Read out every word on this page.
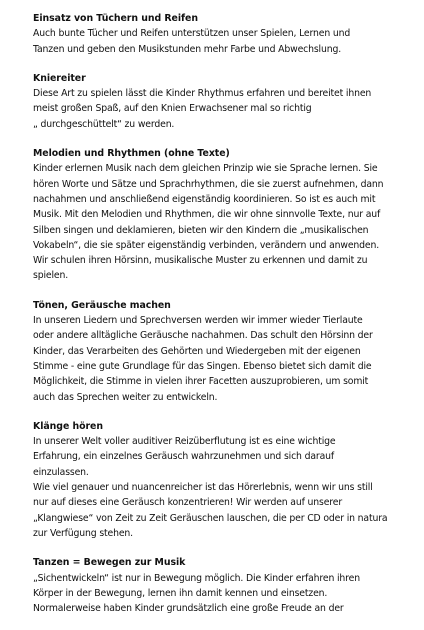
Einsatz von Tüchern und Reifen
Auch bunte Tücher und Reifen unterstützen unser Spielen, Lernen und
Tanzen und geben den Musikstunden mehr Farbe und Abwechslung.
Kniereiter
Diese Art zu spielen lässt die Kinder Rhythmus erfahren und bereitet ihnen
meist großen Spaß, auf den Knien Erwachsener mal so richtig
„ durchgeschüttelt“ zu werden.
Melodien und Rhythmen (ohne Texte)
Kinder erlernen Musik nach dem gleichen Prinzip wie sie Sprache lernen. Sie
hören Worte und Sätze und Sprachrhythmen, die sie zuerst aufnehmen, dann
nachahmen und anschließend eigenständig koordinieren. So ist es auch mit
Musik. Mit den Melodien und Rhythmen, die wir ohne sinnvolle Texte, nur auf
Silben singen und deklamieren, bieten wir den Kindern die „musikalischen
Vokabeln“, die sie später eigenständig verbinden, verändern und anwenden.
Wir schulen ihren Hörsinn, musikalische Muster zu erkennen und damit zu
spielen.
Tönen, Geräusche machen
In unseren Liedern und Sprechversen werden wir immer wieder Tierlaute
oder andere alltägliche Geräusche nachahmen. Das schult den Hörsinn der
Kinder, das Verarbeiten des Gehörten und Wiedergeben mit der eigenen
Stimme - eine gute Grundlage für das Singen. Ebenso bietet sich damit die
Möglichkeit, die Stimme in vielen ihrer Facetten auszuprobieren, um somit
auch das Sprechen weiter zu entwickeln.
Klänge hören
In unserer Welt voller auditiver Reizüberflutung ist es eine wichtige
Erfahrung, ein einzelnes Geräusch wahrzunehmen und sich darauf
einzulassen.
Wie viel genauer und nuancenreicher ist das Hörerlebnis, wenn wir uns still
nur auf dieses eine Geräusch konzentrieren! Wir werden auf unserer
„Klangwiese“ von Zeit zu Zeit Geräuschen lauschen, die per CD oder in natura
zur Verfügung stehen.
Tanzen = Bewegen zur Musik
„Sichentwickeln“ ist nur in Bewegung möglich. Die Kinder erfahren ihren
Körper in der Bewegung, lernen ihn damit kennen und einsetzen.
Normalerweise haben Kinder grundsätzlich eine große Freude an der
